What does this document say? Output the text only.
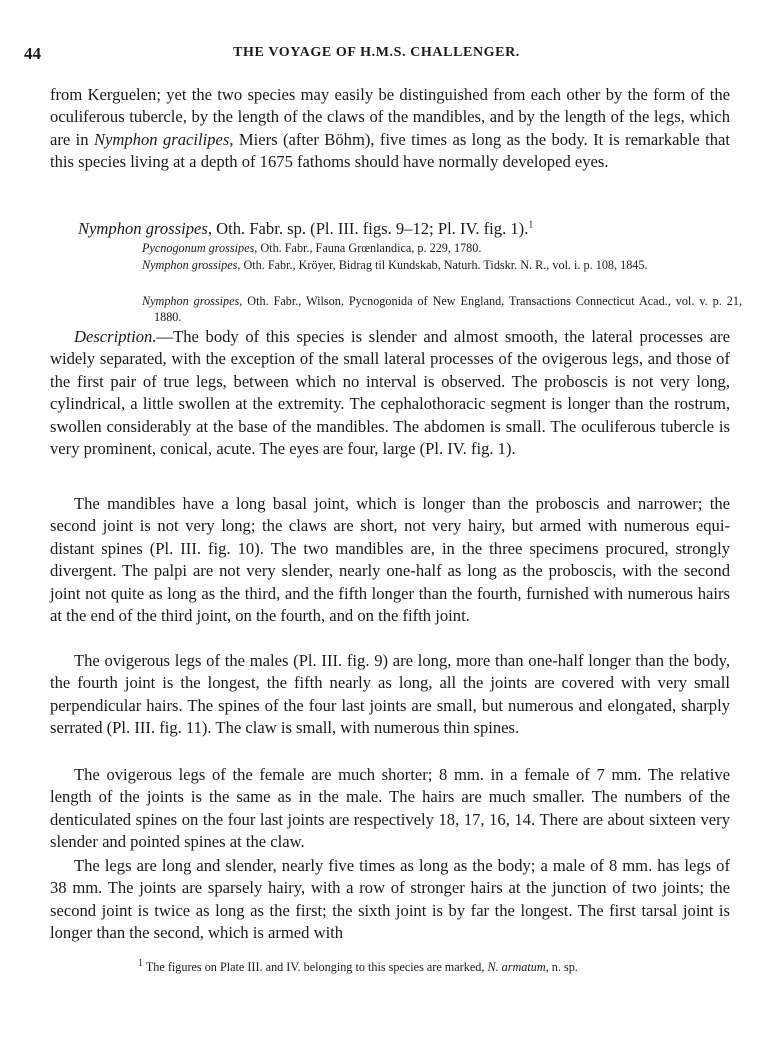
44	THE VOYAGE OF H.M.S. CHALLENGER.

from Kerguelen; yet the two species may easily be distinguished from each other by the form of the oculiferous tubercle, by the length of the claws of the mandibles, and by the length of the legs, which are in Nymphon gracilipes, Miers (after Böhm), five times as long as the body. It is remarkable that this species living at a depth of 1675 fathoms should have normally developed eyes.

Nymphon grossipes, Oth. Fabr. sp. (Pl. III. figs. 9–12; Pl. IV. fig. 1).$^1$

Pycnogonum grossipes, Oth. Fabr., Fauna Grœnlandica, p. 229, 1780.

Nymphon grossipes, Oth. Fabr., Kröyer, Bidrag til Kundskab, Naturh. Tidskr. N. R., vol. i. p. 108, 1845.

Nymphon grossipes, Oth. Fabr., Wilson, Pycnogonida of New England, Transactions Connecticut Acad., vol. v. p. 21, 1880.

Description.—The body of this species is slender and almost smooth, the lateral processes are widely separated, with the exception of the small lateral processes of the ovigerous legs, and those of the first pair of true legs, between which no interval is observed. The proboscis is not very long, cylindrical, a little swollen at the extremity. The cephalothoracic segment is longer than the rostrum, swollen considerably at the base of the mandibles. The abdomen is small. The oculiferous tubercle is very prominent, conical, acute. The eyes are four, large (Pl. IV. fig. 1).

The mandibles have a long basal joint, which is longer than the proboscis and narrower; the second joint is not very long; the claws are short, not very hairy, but armed with numerous equi-distant spines (Pl. III. fig. 10). The two mandibles are, in the three specimens procured, strongly divergent. The palpi are not very slender, nearly one-half as long as the proboscis, with the second joint not quite as long as the third, and the fifth longer than the fourth, furnished with numerous hairs at the end of the third joint, on the fourth, and on the fifth joint.

The ovigerous legs of the males (Pl. III. fig. 9) are long, more than one-half longer than the body, the fourth joint is the longest, the fifth nearly as long, all the joints are covered with very small perpendicular hairs. The spines of the four last joints are small, but numerous and elongated, sharply serrated (Pl. III. fig. 11). The claw is small, with numerous thin spines.

The ovigerous legs of the female are much shorter; 8 mm. in a female of 7 mm. The relative length of the joints is the same as in the male. The hairs are much smaller. The numbers of the denticulated spines on the four last joints are respectively 18, 17, 16, 14. There are about sixteen very slender and pointed spines at the claw.

The legs are long and slender, nearly five times as long as the body; a male of 8 mm. has legs of 38 mm. The joints are sparsely hairy, with a row of stronger hairs at the junction of two joints; the second joint is twice as long as the first; the sixth joint is by far the longest. The first tarsal joint is longer than the second, which is armed with

$^1$ The figures on Plate III. and IV. belonging to this species are marked, N. armatum, n. sp.
